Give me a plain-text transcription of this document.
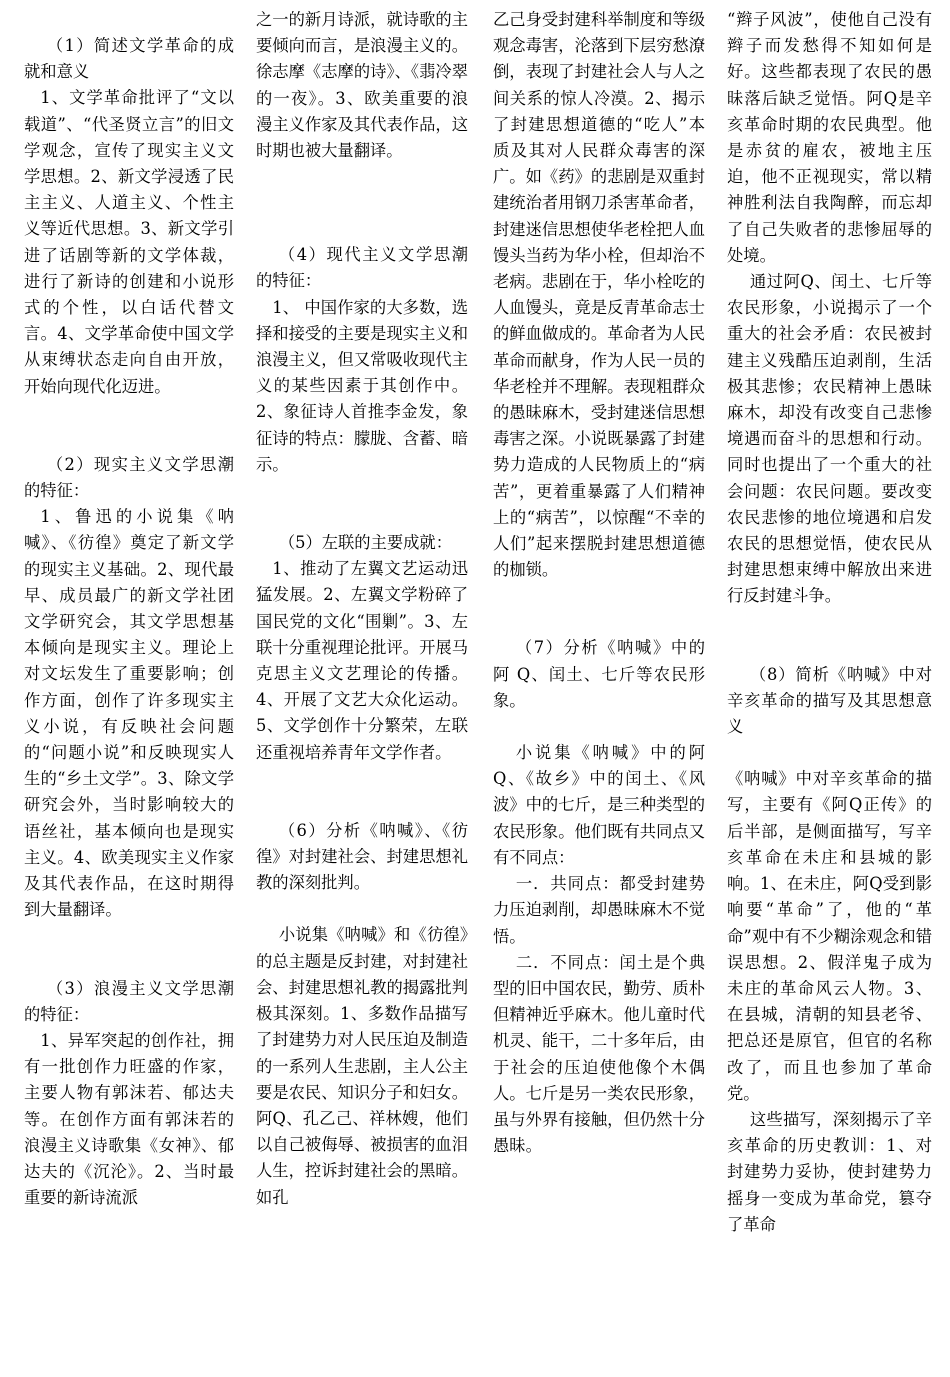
（1）简述文学革命的成就和意义

1、文学革命批评了“文以载道”、“代圣贤立言”的旧文学观念，宣传了现实主义文学思想。2、新文学浸透了民主主义、人道主义、个性主义等近代思想。3、新文学引进了话剧等新的文学体裁，进行了新诗的创建和小说形式的个性，以白话代替文言。4、文学革命使中国文学从束缚状态走向自由开放，开始向现代化迈进。

（2）现实主义文学思潮的特征：

1、鲁迅的小说集《呐喊》、《彷徨》奠定了新文学的现实主义基础。2、现代最早、成员最广的新文学社团文学研究会，其文学思想基本倾向是现实主义。理论上对文坛发生了重要影响；创作方面，创作了许多现实主义小说，有反映社会问题的“问题小说”和反映现实人生的“乡土文学”。3、除文学研究会外，当时影响较大的语丝社，基本倾向也是现实主义。4、欧美现实主义作家及其代表作品，在这时期得到大量翻译。

（3）浪漫主义文学思潮的特征：

1、异军突起的创作社，拥有一批创作力旺盛的作家，主要人物有郭沫若、郁达夫等。在创作方面有郭沫若的浪漫主义诗歌集《女神》、郁达夫的《沉沦》。2、当时最重要的新诗流派

之一的新月诗派，就诗歌的主要倾向而言，是浪漫主义的。徐志摩《志摩的诗》、《翡冷翠的一夜》。3、欧美重要的浪漫主义作家及其代表作品，这时期也被大量翻译。

（4）现代主义文学思潮的特征：

1、 中国作家的大多数，选择和接受的主要是现实主义和浪漫主义，但又常吸收现代主义的某些因素于其创作中。2、象征诗人首推李金发，象征诗的特点：朦胧、含蓄、暗示。

（5）左联的主要成就：

1、推动了左翼文艺运动迅猛发展。2、左翼文学粉碎了国民党的文化“围剿”。3、左联十分重视理论批评。开展马克思主义文艺理论的传播。4、开展了文艺大众化运动。5、文学创作十分繁荣，左联还重视培养青年文学作者。

（6）分析《呐喊》、《彷徨》对封建社会、封建思想礼教的深刻批判。

小说集《呐喊》和《彷徨》的总主题是反封建，对封建社会、封建思想礼教的揭露批判极其深刻。1、多数作品描写了封建势力对人民压迫及制造的一系列人生悲剧，主人公主要是农民、知识分子和妇女。阿Q、孔乙己、祥林嫂，他们以自己被侮辱、被损害的血泪人生，控诉封建社会的黑暗。如孔

乙己身受封建科举制度和等级观念毒害，沦落到下层穷愁潦倒，表现了封建社会人与人之间关系的惊人冷漠。2、揭示了封建思想道德的“吃人”本质及其对人民群众毒害的深广。如《药》的悲剧是双重封建统治者用钢刀杀害革命者，封建迷信思想使华老栓把人血馒头当药为华小栓，但却治不老病。悲剧在于，华小栓吃的人血馒头，竟是反青革命志士的鲜血做成的。革命者为人民革命而献身，作为人民一员的华老栓并不理解。表现粗群众的愚昧麻木，受封建迷信思想毒害之深。小说既暴露了封建势力造成的人民物质上的“病苦”，更着重暴露了人们精神上的“病苦”，以惊醒“不幸的人们”起来摆脱封建思想道德的枷锁。

（7）分析《呐喊》中的阿 Q、闰土、七斤等农民形象。

小说集《呐喊》中的阿Q、《故乡》中的闰土、《风波》中的七斤，是三种类型的农民形象。他们既有共同点又有不同点：

一．共同点：都受封建势力压迫剥削，却愚昧麻木不觉悟。

二．不同点：闰土是个典型的旧中国农民，勤劳、质朴但精神近乎麻木。他儿童时代机灵、能干，二十多年后，由于社会的压迫使他像个木偶人。七斤是另一类农民形象，虽与外界有接触，但仍然十分愚昧。

“辫子风波”，使他自己没有辫子而发愁得不知如何是好。这些都表现了农民的愚昧落后缺乏觉悟。阿Q是辛亥革命时期的农民典型。他是赤贫的雇农，被地主压迫，他不正视现实，常以精神胜利法自我陶醉，而忘却了自己失败者的悲惨屈辱的处境。

通过阿Q、闰土、七斤等农民形象，小说揭示了一个重大的社会矛盾：农民被封建主义残酷压迫剥削，生活极其悲惨；农民精神上愚昧麻木，却没有改变自己悲惨境遇而奋斗的思想和行动。同时也提出了一个重大的社会问题：农民问题。要改变农民悲惨的地位境遇和启发农民的思想觉悟，使农民从封建思想束缚中解放出来进行反封建斗争。

（8）简析《呐喊》中对辛亥革命的描写及其思想意义

《呐喊》中对辛亥革命的描写，主要有《阿Q正传》的后半部，是侧面描写，写辛亥革命在未庄和县城的影响。1、在未庄，阿Q受到影响要“革命”了，他的“革命”观中有不少糊涂观念和错误思想。2、假洋鬼子成为未庄的革命风云人物。3、在县城，清朝的知县老爷、把总还是原官，但官的名称改了，而且也参加了革命党。

这些描写，深刻揭示了辛亥革命的历史教训：1、对封建势力妥协，使封建势力摇身一变成为革命党，篡夺了革命
